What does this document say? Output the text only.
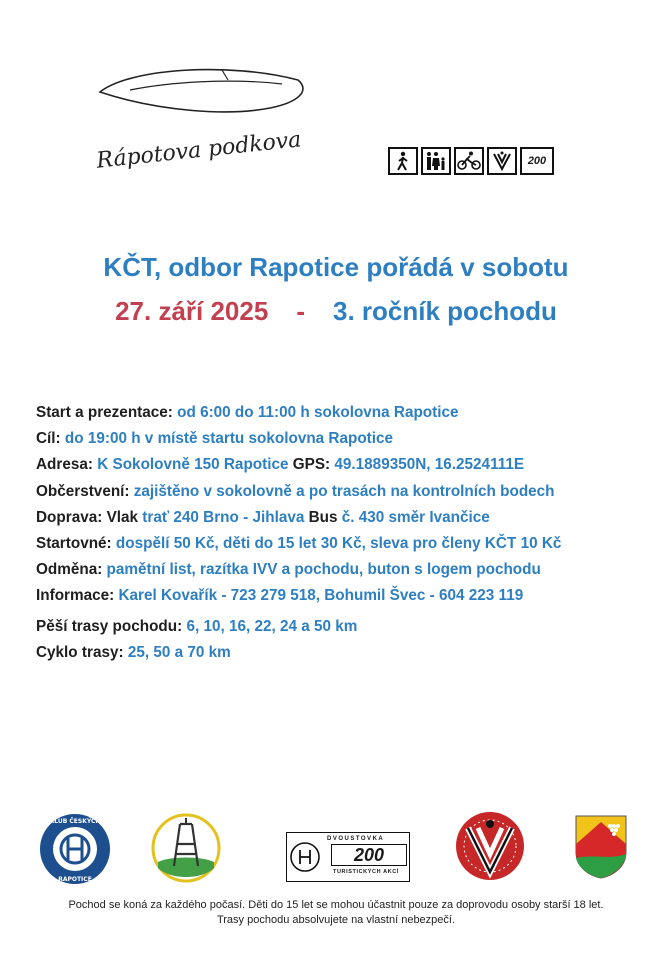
Rápotova podkova	200
KČT, odbor Rapotice pořádá v sobotu
27. září 2025 - 3. ročník pochodu
Start a prezentace: od 6:00 do 11:00 h sokolovna Rapotice
Cíl: do 19:00 h v místě startu sokolovna Rapotice
Adresa: K Sokolovně 150 Rapotice GPS: 49.1889350N, 16.2524111E
Občerstvení: zajištěno v sokolovně a po trasách na kontrolních bodech
Doprava: Vlak trať 240 Brno - Jihlava Bus č. 430 směr Ivančice
Startovné: dospělí 50 Kč, děti do 15 let 30 Kč, sleva pro členy KČT 10 Kč
Odměna: pamětní list, razítka IVV a pochodu, buton s logem pochodu
Informace: Karel Kovařík - 723 279 518, Bohumil Švec - 604 223 119
Pěší trasy pochodu: 6, 10, 16, 22, 24 a 50 km
Cyklo trasy: 25, 50 a 70 km
KLUB ČESKÝCH
RAPOTICE
DVOUSTOVKA
200
TURISTICKÝCH AKCÍ
Pochod se koná za každého počasí. Děti do 15 let se mohou účastnit pouze za doprovodu osoby starší 18 let.
Trasy pochodu absolvujete na vlastní nebezpečí.
